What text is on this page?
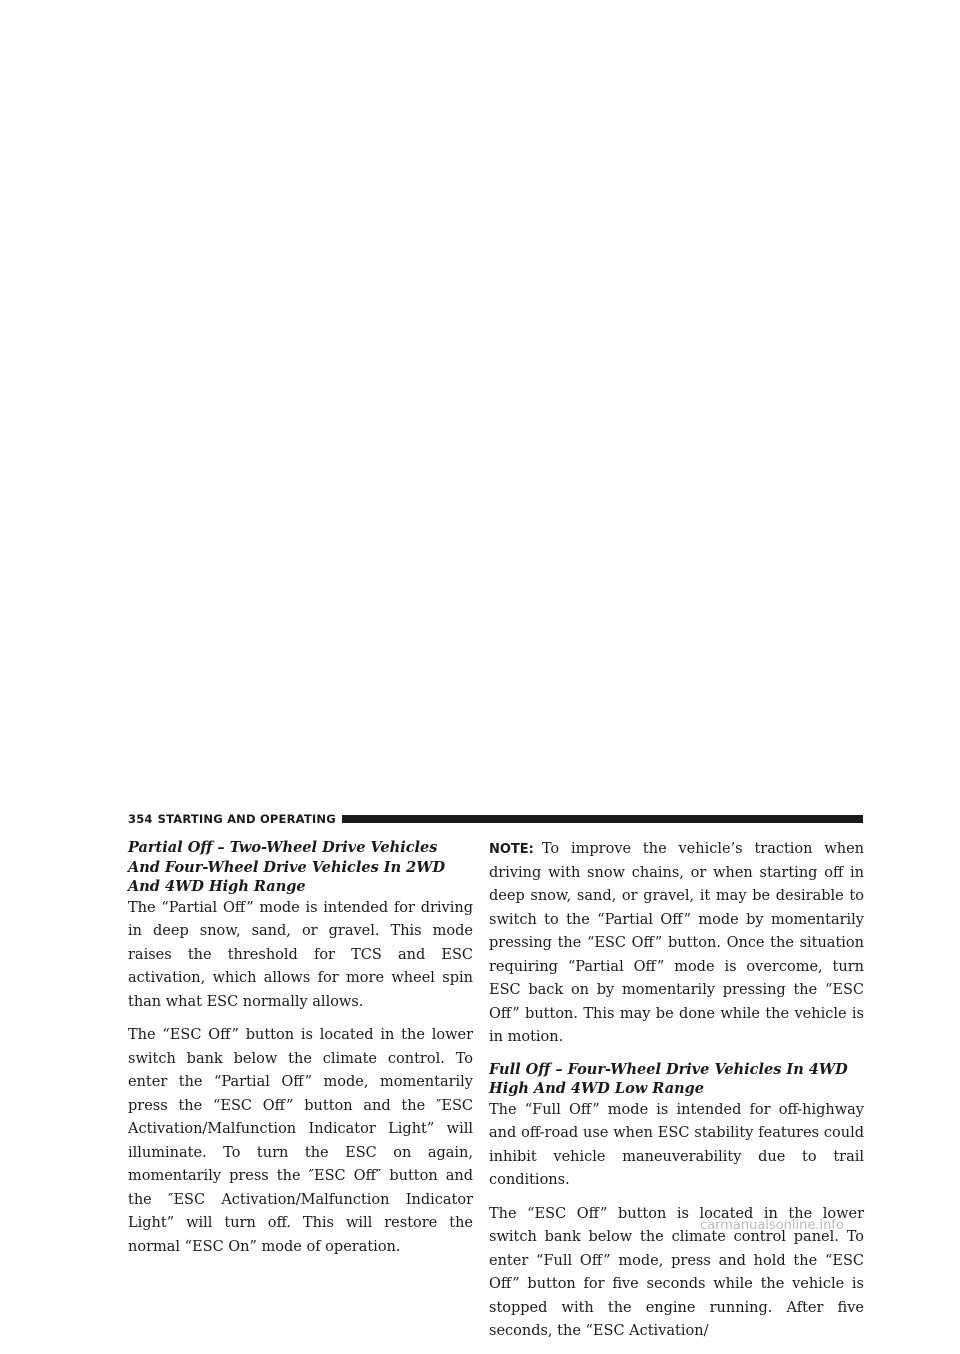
354 STARTING AND OPERATING

Partial Off – Two-Wheel Drive Vehicles And Four-Wheel Drive Vehicles In 2WD And 4WD High Range

The “Partial Off” mode is intended for driving in deep snow, sand, or gravel. This mode raises the threshold for TCS and ESC activation, which allows for more wheel spin than what ESC normally allows.

The “ESC Off” button is located in the lower switch bank below the climate control. To enter the “Partial Off” mode, momentarily press the “ESC Off” button and the ″ESC Activation/Malfunction Indicator Light” will illuminate. To turn the ESC on again, momentarily press the ″ESC Off″ button and the ″ESC Activation/Malfunction Indicator Light” will turn off. This will restore the normal “ESC On” mode of operation.

NOTE: To improve the vehicle’s traction when driving with snow chains, or when starting off in deep snow, sand, or gravel, it may be desirable to switch to the “Partial Off” mode by momentarily pressing the “ESC Off” button. Once the situation requiring “Partial Off” mode is overcome, turn ESC back on by momentarily pressing the “ESC Off” button. This may be done while the vehicle is in motion.

Full Off – Four-Wheel Drive Vehicles In 4WD High And 4WD Low Range

The “Full Off” mode is intended for off-highway and off-road use when ESC stability features could inhibit vehicle maneuverability due to trail conditions.

The “ESC Off” button is located in the lower switch bank below the climate control panel. To enter “Full Off” mode, press and hold the “ESC Off” button for five seconds while the vehicle is stopped with the engine running. After five seconds, the “ESC Activation/

carmanualsonline.info
